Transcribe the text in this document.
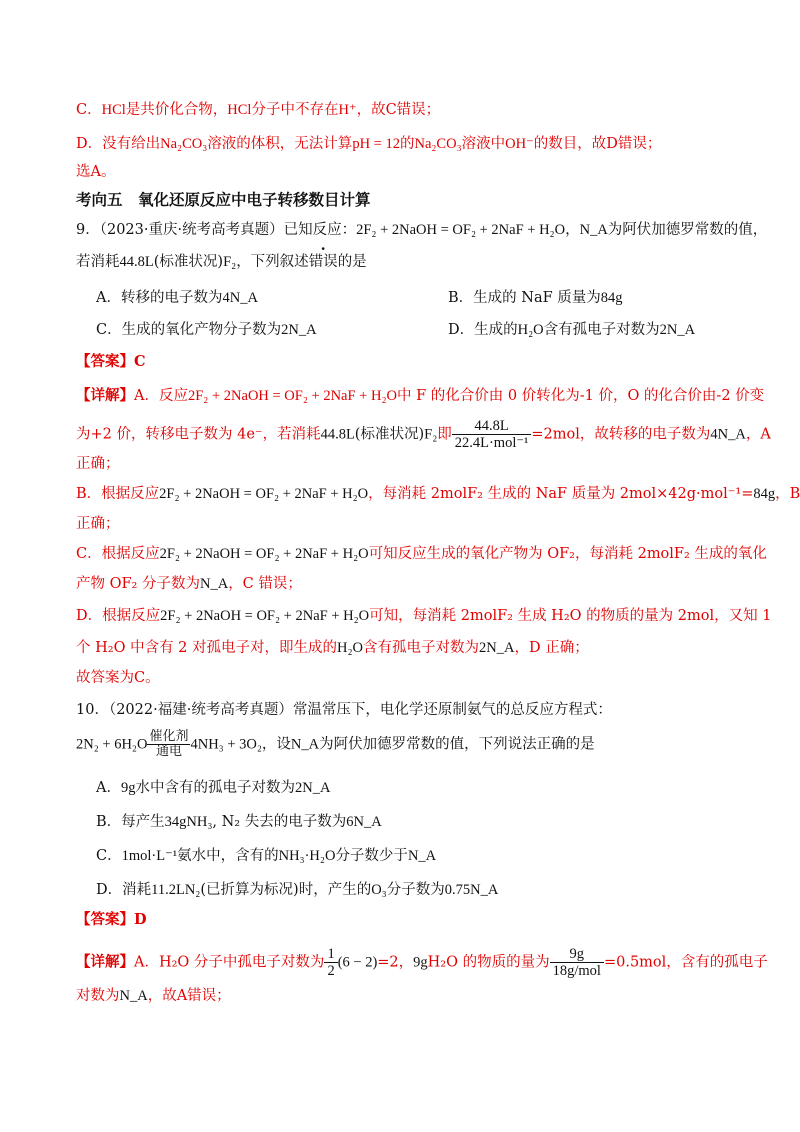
C．HCl是共价化合物，HCl分子中不存在H⁺，故C错误；
D．没有给出Na₂CO₃溶液的体积，无法计算pH = 12的Na₂CO₃溶液中OH⁻的数目，故D错误；
选A。
考向五　氧化还原反应中电子转移数目计算
9．（2023·重庆·统考高考真题）已知反应：2F₂ + 2NaOH = OF₂ + 2NaF + H₂O，N_A为阿伏加德罗常数的值，
若消耗44.8L(标准状况)F₂，下列叙述错误的是
A．转移的电子数为4N_A	B．生成的 NaF 质量为84g
C．生成的氧化产物分子数为2N_A	D．生成的H₂O含有孤电子对数为2N_A
【答案】C
【详解】A．反应2F₂ + 2NaOH = OF₂ + 2NaF + H₂O中 F 的化合价由 0 价转化为-1 价，O 的化合价由-2 价变
为+2 价，转移电子数为 4e⁻，若消耗44.8L(标准状况)F₂即 $\frac{44.8L}{\text{22.4L·mol⁻¹}} =2mol$，故转移的电子数为4N_A，A
正确；
B．根据反应2F₂ + 2NaOH = OF₂ + 2NaF + H₂O，每消耗 2molF₂ 生成的 NaF 质量为 2mol×42g·mol⁻¹=84g，B
正确；
C．根据反应2F₂ + 2NaOH = OF₂ + 2NaF + H₂O可知反应生成的氧化产物为 OF₂，每消耗 2molF₂ 生成的氧化
产物 OF₂ 分子数为N_A，C 错误；
D．根据反应2F₂ + 2NaOH = OF₂ + 2NaF + H₂O可知，每消耗 2molF₂ 生成 H₂O 的物质的量为 2mol，又知 1
个 H₂O 中含有 2 对孤电子对，即生成的H₂O含有孤电子对数为2N_A，D 正确；
故答案为C。
10．（2022·福建·统考高考真题）常温常压下，电化学还原制氨气的总反应方程式：
2N₂ + 6H₂O 催化剂
通电 4NH₃ + 3O₂，设N_A为阿伏加德罗常数的值，下列说法正确的是
A．9g水中含有的孤电子对数为2N_A
B．每产生34gNH₃, N₂ 失去的电子数为6N_A
C．1mol·L⁻¹氨水中，含有的NH₃·H₂O分子数少于N_A
D．消耗11.2LN₂(已折算为标况)时，产生的O₃分子数为0.75N_A
【答案】D
【详解】A．H₂O 分子中孤电子对数为 $\frac{1}{2} (6 - 2)=2$，9gH₂O 的物质的量为 $\frac{9g}{\text{18g/mol}} =0.5mol$，含有的孤电子
对数为N_A，故A错误；
